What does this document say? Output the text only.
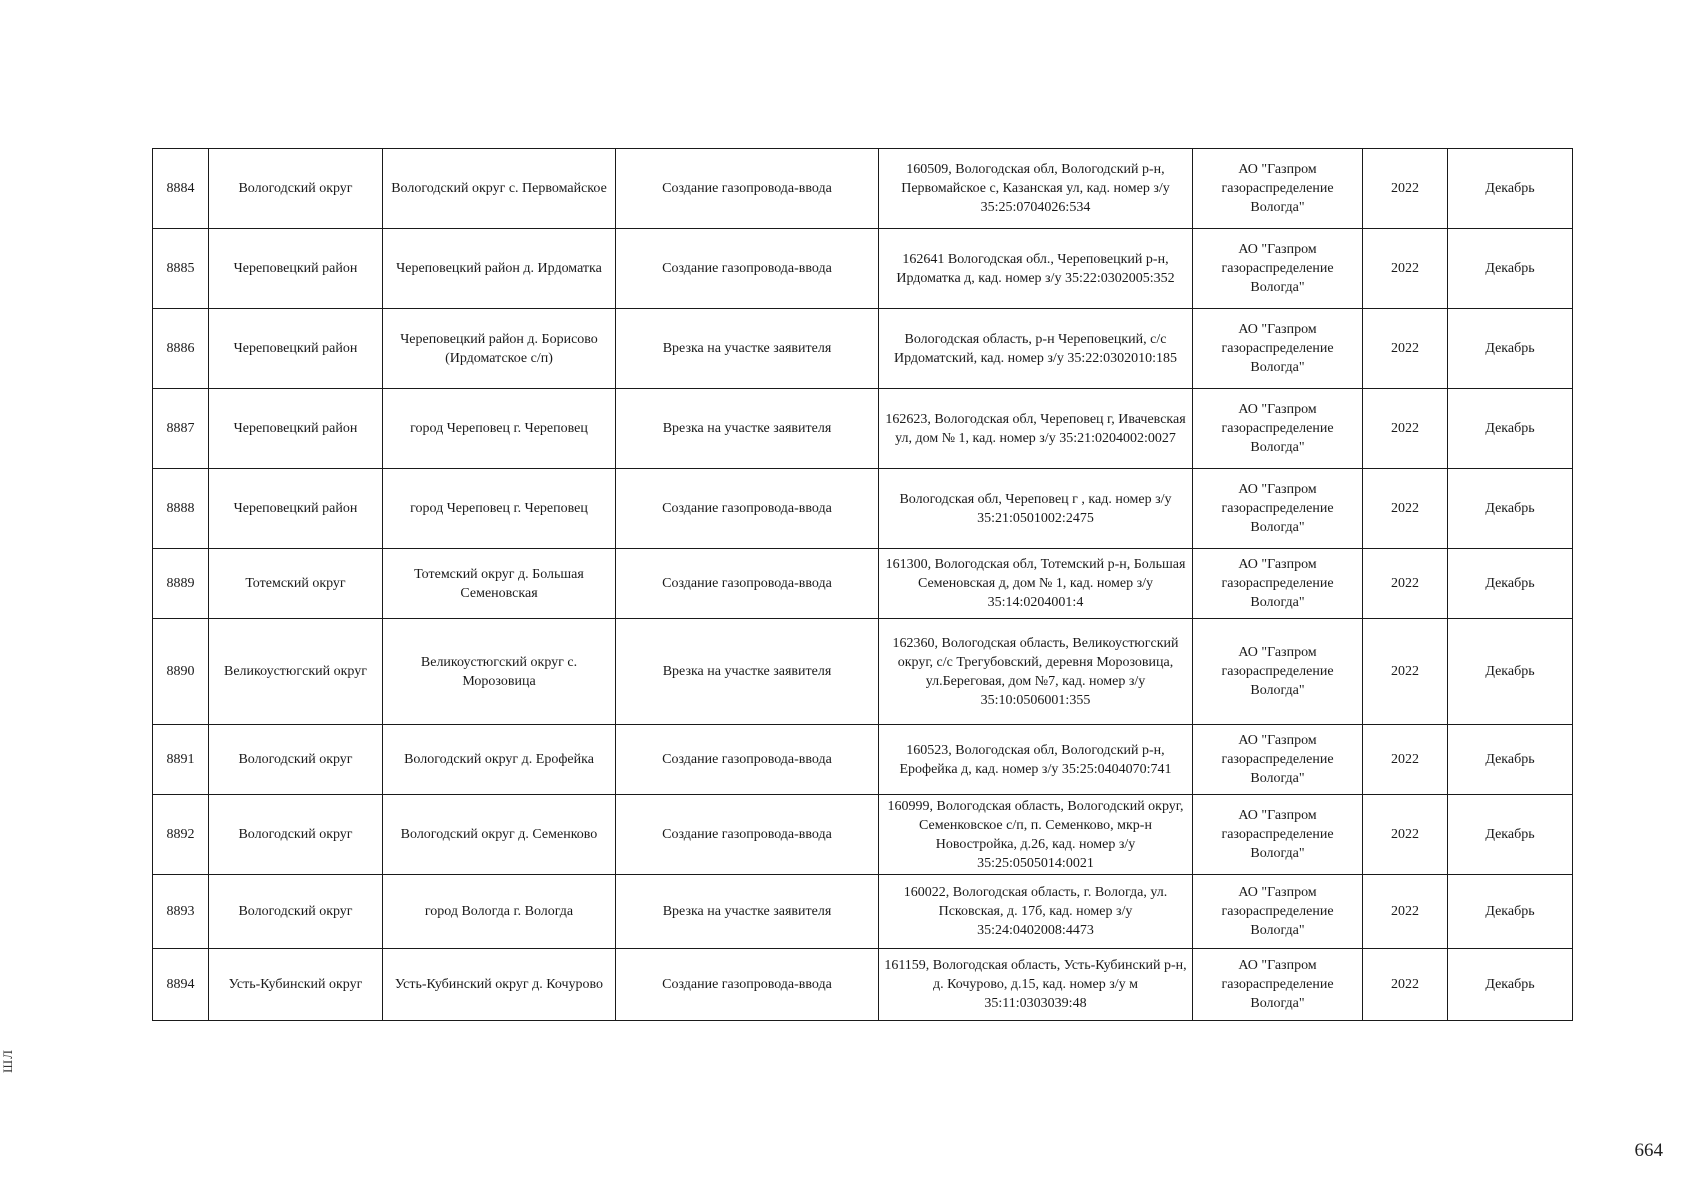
8884	Вологодский округ	Вологодский округ с. Первомайское	Создание газопровода-ввода	160509, Вологодская обл, Вологодский р-н, Первомайское с, Казанская ул, кад. номер з/у 35:25:0704026:534	АО "Газпром газораспределение Вологда"	2022	Декабрь
8885	Череповецкий район	Череповецкий район д. Ирдоматка	Создание газопровода-ввода	162641 Вологодская обл., Череповецкий р-н, Ирдоматка д, кад. номер з/у 35:22:0302005:352	АО "Газпром газораспределение Вологда"	2022	Декабрь
8886	Череповецкий район	Череповецкий район д. Борисово (Ирдоматское с/п)	Врезка на участке заявителя	Вологодская область, р-н Череповецкий, с/с Ирдоматский, кад. номер з/у 35:22:0302010:185	АО "Газпром газораспределение Вологда"	2022	Декабрь
8887	Череповецкий район	город Череповец г. Череповец	Врезка на участке заявителя	162623, Вологодская обл, Череповец г, Ивачевская ул, дом № 1, кад. номер з/у 35:21:0204002:0027	АО "Газпром газораспределение Вологда"	2022	Декабрь
8888	Череповецкий район	город Череповец г. Череповец	Создание газопровода-ввода	Вологодская обл, Череповец г , кад. номер з/у 35:21:0501002:2475	АО "Газпром газораспределение Вологда"	2022	Декабрь
8889	Тотемский округ	Тотемский округ д. Большая Семеновская	Создание газопровода-ввода	161300, Вологодская обл, Тотемский р-н, Большая Семеновская д, дом № 1, кад. номер з/у 35:14:0204001:4	АО "Газпром газораспределение Вологда"	2022	Декабрь
8890	Великоустюгский округ	Великоустюгский округ с. Морозовица	Врезка на участке заявителя	162360, Вологодская область, Великоустюгский округ, с/с Трегубовский, деревня Морозовица, ул.Береговая, дом №7, кад. номер з/у 35:10:0506001:355	АО "Газпром газораспределение Вологда"	2022	Декабрь
8891	Вологодский округ	Вологодский округ д. Ерофейка	Создание газопровода-ввода	160523, Вологодская обл, Вологодский р-н, Ерофейка д, кад. номер з/у 35:25:0404070:741	АО "Газпром газораспределение Вологда"	2022	Декабрь
8892	Вологодский округ	Вологодский округ д. Семенково	Создание газопровода-ввода	160999, Вологодская область, Вологодский округ, Семенковское с/п, п. Семенково, мкр-н Новостройка, д.26, кад. номер з/у 35:25:0505014:0021	АО "Газпром газораспределение Вологда"	2022	Декабрь
8893	Вологодский округ	город Вологда г. Вологда	Врезка на участке заявителя	160022, Вологодская область, г. Вологда, ул. Псковская, д. 17б, кад. номер з/у 35:24:0402008:4473	АО "Газпром газораспределение Вологда"	2022	Декабрь
8894	Усть-Кубинский округ	Усть-Кубинский округ д. Кочурово	Создание газопровода-ввода	161159, Вологодская область, Усть-Кубинский р-н, д. Кочурово, д.15, кад. номер з/у м 35:11:0303039:48	АО "Газпром газораспределение Вологда"	2022	Декабрь
ШЛ
664
